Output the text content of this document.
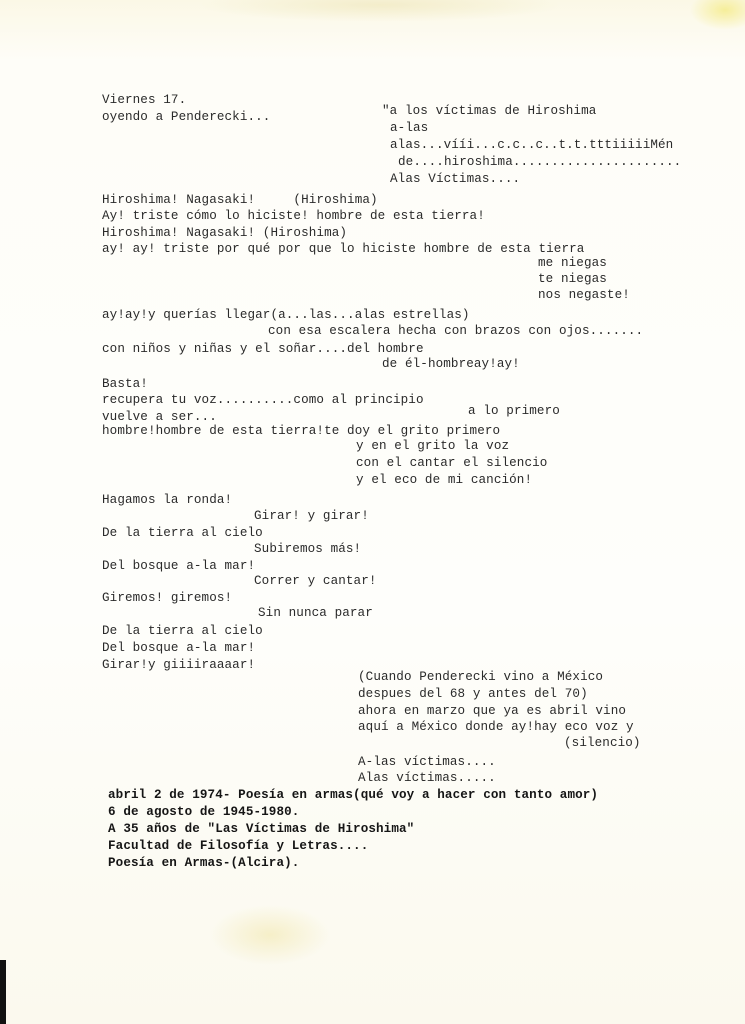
Viernes 17.

oyendo a Penderecki...	"a los víctimas de Hiroshima

a-las

alas...vííi...c.c..c..t.t.tttiiiiiMén

de....hiroshima......................

Alas Víctimas....

Hiroshima! Nagasaki!     (Hiroshima)

Ay! triste cómo lo hiciste! hombre de esta tierra!

Hiroshima! Nagasaki! (Hiroshima)

ay! ay! triste por qué por que lo hiciste hombre de esta tierra

me niegas

te niegas

nos negaste!

ay!ay!y querías llegar(a...las...alas estrellas)

con esa escalera hecha con brazos con ojos.......

con niños y niñas y el soñar....del hombre

de él-hombreay!ay!

Basta!

recupera tu voz..........como al principio

vuelve a ser...	a lo primero

hombre!hombre de esta tierra!te doy el grito primero

y en el grito la voz

con el cantar el silencio

y el eco de mi canción!

Hagamos la ronda!

Girar! y girar!

De la tierra al cielo

Subiremos más!

Del bosque a-la mar!

Correr y cantar!

Giremos! giremos!

Sin nunca parar

De la tierra al cielo

Del bosque a-la mar!

Girar!y giiiiraaaar!

(Cuando Penderecki vino a México

despues del 68 y antes del 70)

ahora en marzo que ya es abril vino

aquí a México donde ay!hay eco voz y

(silencio)

A-las víctimas....

Alas víctimas.....

abril 2 de 1974- Poesía en armas(qué voy a hacer con tanto amor)

6 de agosto de 1945-1980.

A 35 años de "Las Víctimas de Hiroshima"

Facultad de Filosofía y Letras....

Poesía en Armas-(Alcira).
